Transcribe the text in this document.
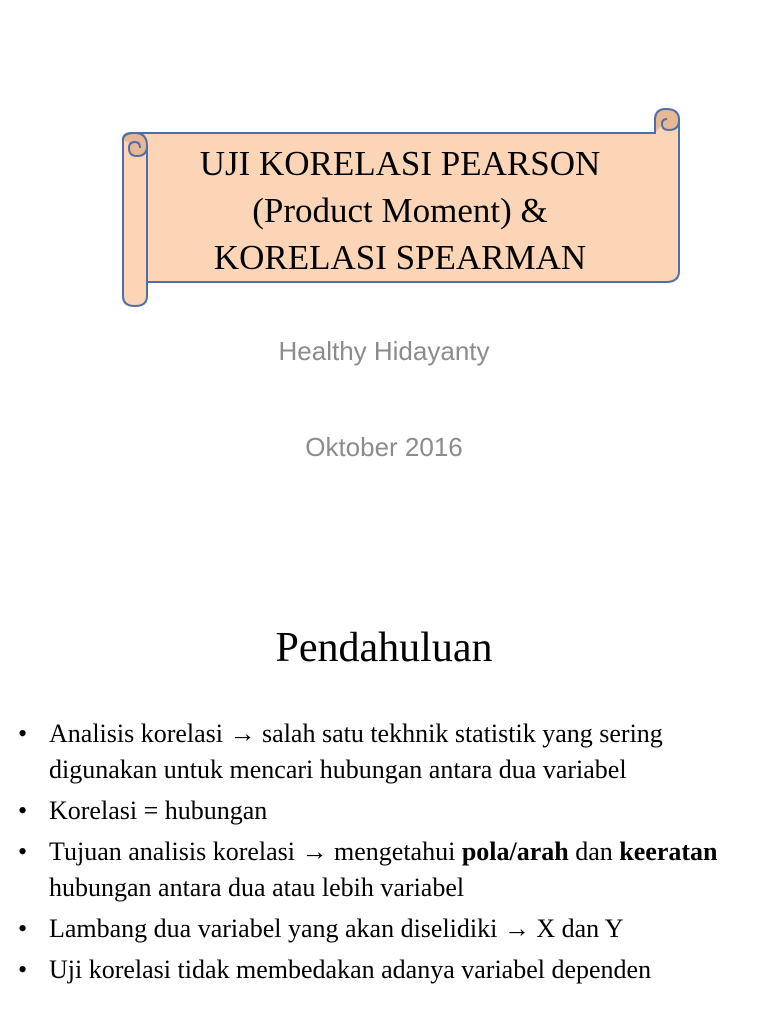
UJI KORELASI PEARSON
(Product Moment) &
KORELASI SPEARMAN
Healthy Hidayanty
Oktober 2016
Pendahuluan
• Analisis korelasi → salah satu tekhnik statistik yang sering digunakan untuk mencari hubungan antara dua variabel
• Korelasi = hubungan
• Tujuan analisis korelasi → mengetahui pola/arah dan keeratan hubungan antara dua atau lebih variabel
• Lambang dua variabel yang akan diselidiki → X dan Y
• Uji korelasi tidak membedakan adanya variabel dependen
